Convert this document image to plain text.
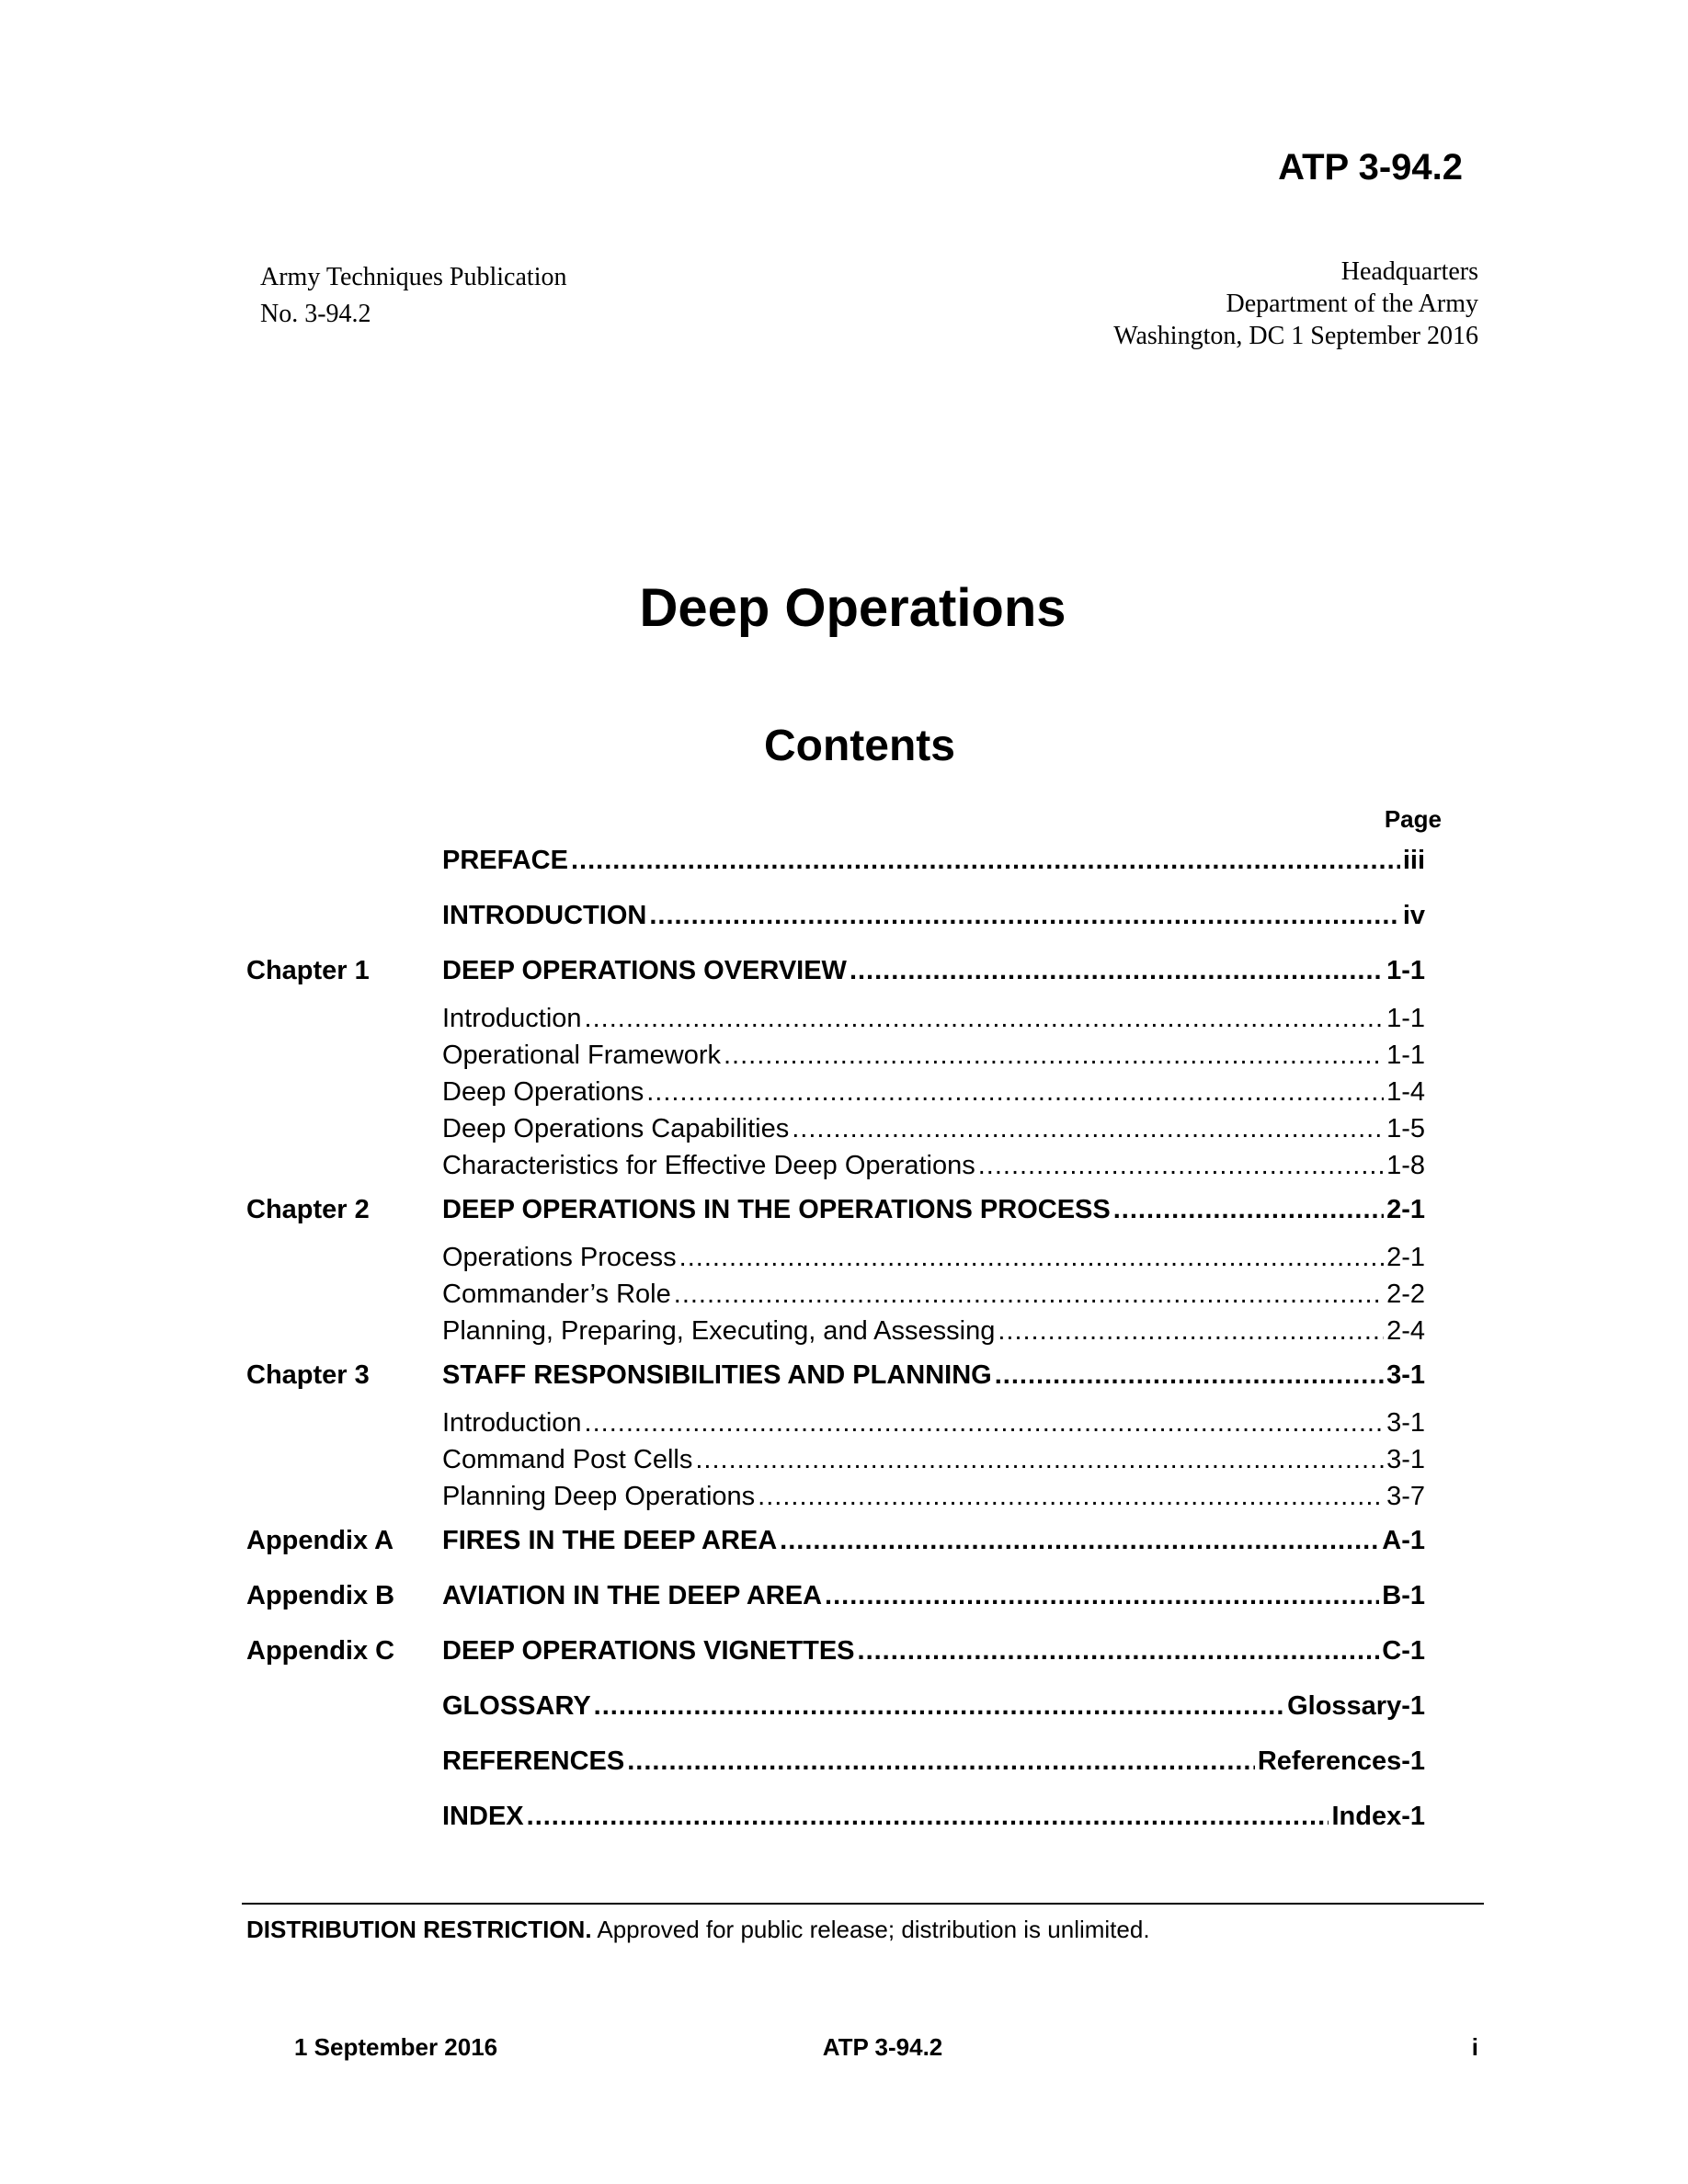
ATP 3-94.2
Army Techniques Publication
No. 3-94.2
Headquarters
Department of the Army
Washington, DC 1 September 2016
Deep Operations
Contents
Page
PREFACE .....	iii
INTRODUCTION .....	iv
Chapter 1	DEEP OPERATIONS OVERVIEW .....	1-1
Introduction .....	1-1
Operational Framework .....	1-1
Deep Operations .....	1-4
Deep Operations Capabilities .....	1-5
Characteristics for Effective Deep Operations .....	1-8
Chapter 2	DEEP OPERATIONS IN THE OPERATIONS PROCESS .....	2-1
Operations Process .....	2-1
Commander’s Role .....	2-2
Planning, Preparing, Executing, and Assessing .....	2-4
Chapter 3	STAFF RESPONSIBILITIES AND PLANNING .....	3-1
Introduction .....	3-1
Command Post Cells .....	3-1
Planning Deep Operations .....	3-7
Appendix A	FIRES IN THE DEEP AREA .....	A-1
Appendix B	AVIATION IN THE DEEP AREA .....	B-1
Appendix C	DEEP OPERATIONS VIGNETTES .....	C-1
GLOSSARY .....	Glossary-1
REFERENCES .....	References-1
INDEX .....	Index-1
DISTRIBUTION RESTRICTION. Approved for public release; distribution is unlimited.
1 September 2016	ATP 3-94.2	i
